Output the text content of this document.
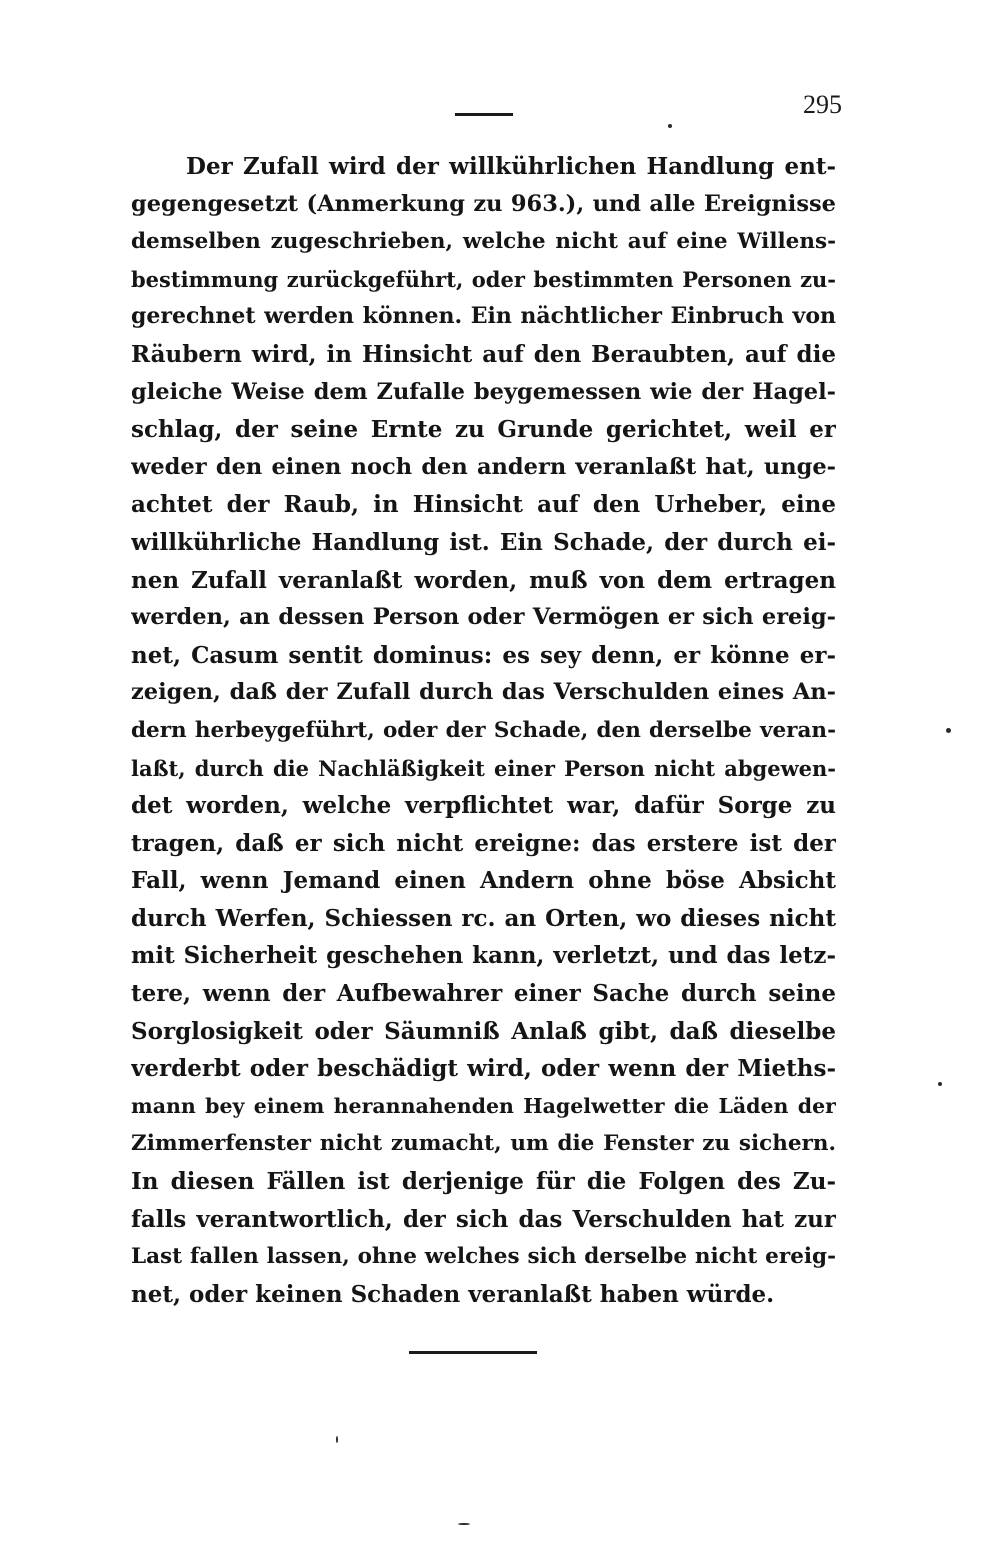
295
Der Zufall wird der willkührlichen Handlung ent-
gegengesetzt (Anmerkung zu 963.), und alle Ereignisse
demselben zugeschrieben, welche nicht auf eine Willens-
bestimmung zurückgeführt, oder bestimmten Personen zu-
gerechnet werden können. Ein nächtlicher Einbruch von
Räubern wird, in Hinsicht auf den Beraubten, auf die
gleiche Weise dem Zufalle beygemessen wie der Hagel-
schlag, der seine Ernte zu Grunde gerichtet, weil er
weder den einen noch den andern veranlaßt hat, unge-
achtet der Raub, in Hinsicht auf den Urheber, eine
willkührliche Handlung ist. Ein Schade, der durch ei-
nen Zufall veranlaßt worden, muß von dem ertragen
werden, an dessen Person oder Vermögen er sich ereig-
net, Casum sentit dominus: es sey denn, er könne er-
zeigen, daß der Zufall durch das Verschulden eines An-
dern herbeygeführt, oder der Schade, den derselbe veran-
laßt, durch die Nachläßigkeit einer Person nicht abgewen-
det worden, welche verpflichtet war, dafür Sorge zu
tragen, daß er sich nicht ereigne: das erstere ist der
Fall, wenn Jemand einen Andern ohne böse Absicht
durch Werfen, Schiessen rc. an Orten, wo dieses nicht
mit Sicherheit geschehen kann, verletzt, und das letz-
tere, wenn der Aufbewahrer einer Sache durch seine
Sorglosigkeit oder Säumniß Anlaß gibt, daß dieselbe
verderbt oder beschädigt wird, oder wenn der Mieths-
mann bey einem herannahenden Hagelwetter die Läden der
Zimmerfenster nicht zumacht, um die Fenster zu sichern.
In diesen Fällen ist derjenige für die Folgen des Zu-
falls verantwortlich, der sich das Verschulden hat zur
Last fallen lassen, ohne welches sich derselbe nicht ereig-
net, oder keinen Schaden veranlaßt haben würde.
